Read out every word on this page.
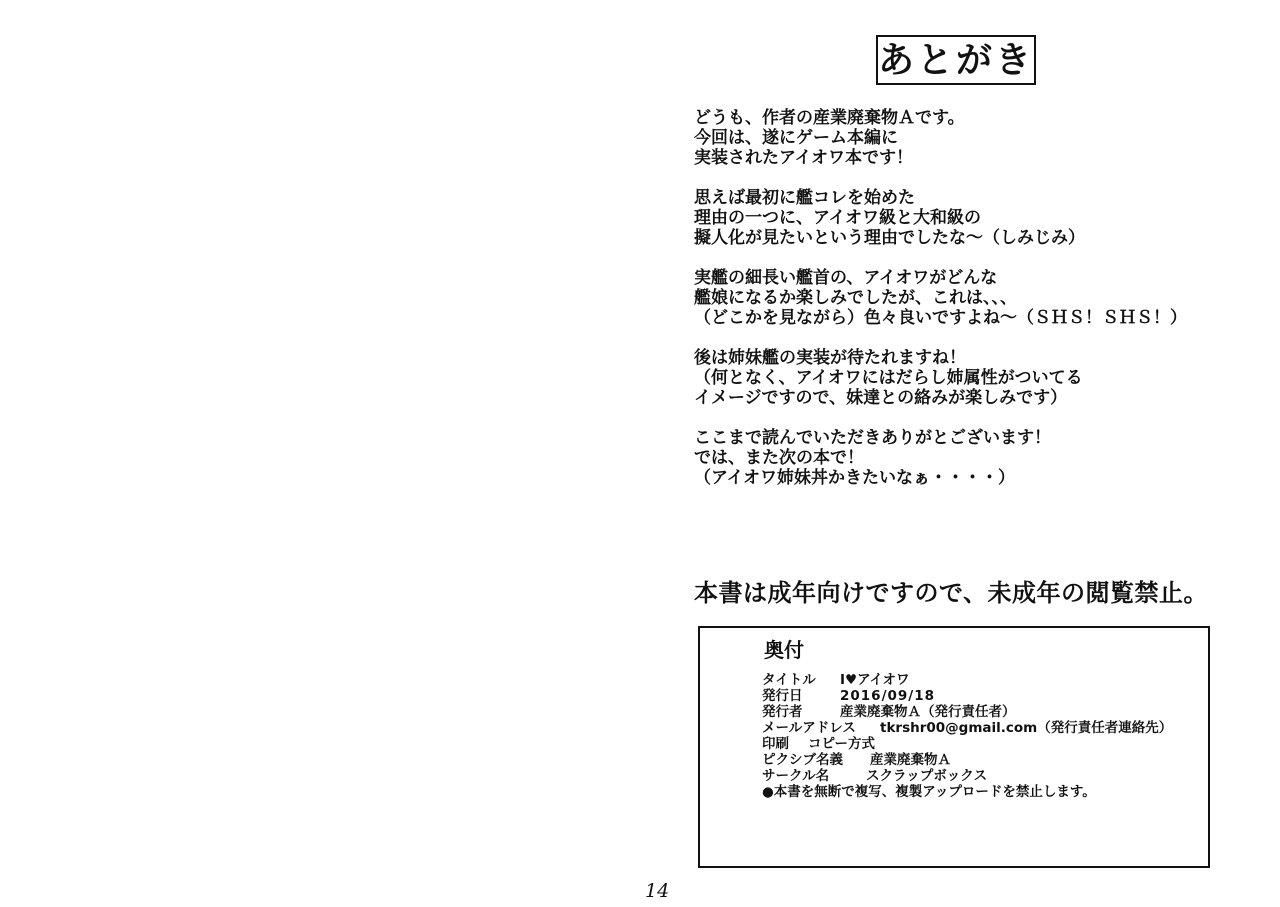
あとがき
どうも、作者の産業廃棄物Ａです。
今回は、遂にゲーム本編に
実装されたアイオワ本です！
思えば最初に艦コレを始めた
理由の一つに、アイオワ級と大和級の
擬人化が見たいという理由でしたな～（しみじみ）
実艦の細長い艦首の、アイオワがどんな
艦娘になるか楽しみでしたが、これは、、、
（どこかを見ながら）色々良いですよね～（ＳＨＳ！ＳＨＳ！）
後は姉妹艦の実装が待たれますね！
（何となく、アイオワにはだらし姉属性がついてる
イメージですので、妹達との絡みが楽しみです）
ここまで読んでいただきありがとございます！
では、また次の本で！
（アイオワ姉妹丼かきたいなぁ・・・・）
本書は成年向けですので、未成年の閲覧禁止。
奥付
タイトル	I♥アイオワ
発行日	2016/09/18
発行者	産業廃棄物Ａ（発行責任者）
メールアドレス	tkrshr00@gmail.com（発行責任者連絡先）
印刷	コピー方式
ピクシブ名義	産業廃棄物Ａ
サークル名	スクラップボックス
●本書を無断で複写、複製アップロードを禁止します。
14
